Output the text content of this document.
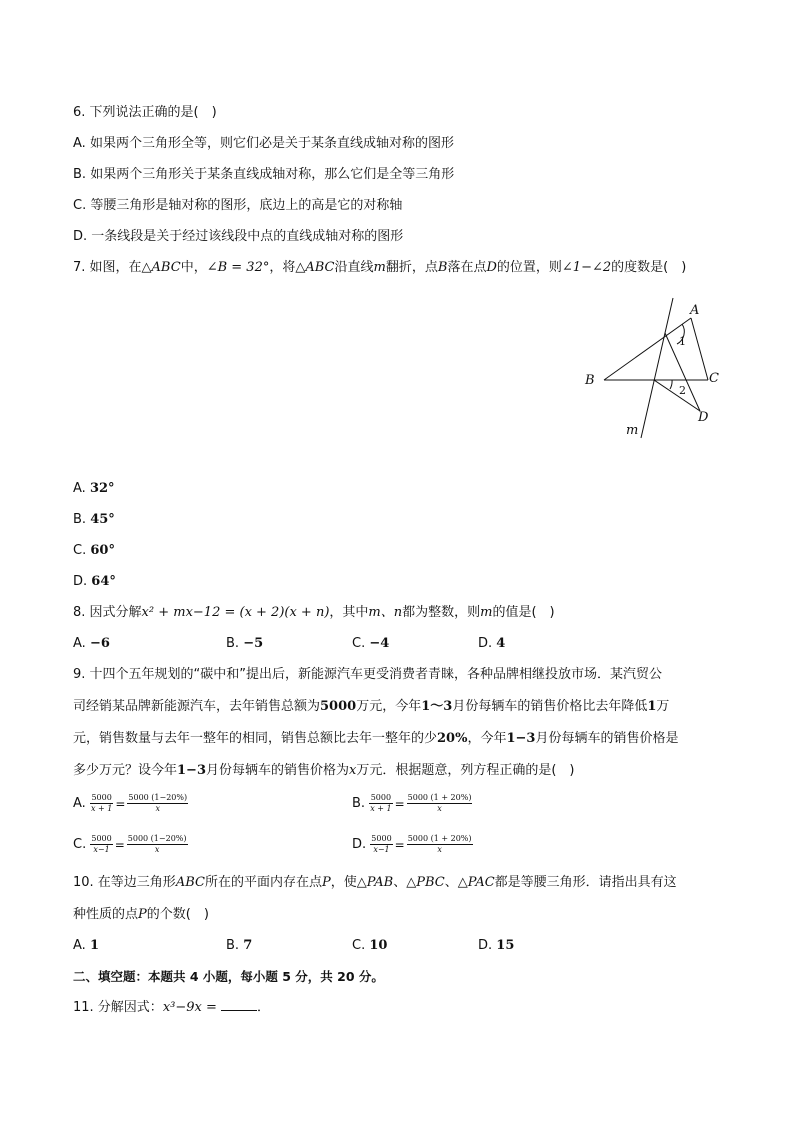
6. 下列说法正确的是(　)
A. 如果两个三角形全等，则它们必是关于某条直线成轴对称的图形
B. 如果两个三角形关于某条直线成轴对称，那么它们是全等三角形
C. 等腰三角形是轴对称的图形，底边上的高是它的对称轴
D. 一条线段是关于经过该线段中点的直线成轴对称的图形
7. 如图，在△ABC中，∠B = 32°，将△ABC沿直线m翻折，点B落在点D的位置，则∠1−∠2的度数是(　)
A
B	C
D
m
1
2
A. 32°
B. 45°
C. 60°
D. 64°
8. 因式分解x² + mx−12 = (x + 2)(x + n)，其中m、n都为整数，则m的值是(　)
A. −6	B. −5	C. −4	D. 4
9. 十四个五年规划的“碳中和”提出后，新能源汽车更受消费者青睐，各种品牌相继投放市场．某汽贸公
司经销某品牌新能源汽车，去年销售总额为5000万元，今年1～3月份每辆车的销售价格比去年降低1万
元，销售数量与去年一整年的相同，销售总额比去年一整年的少20%，今年1−3月份每辆车的销售价格是
多少万元？设今年1−3月份每辆车的销售价格为x万元．根据题意，列方程正确的是(　)
A. $\frac{5000}{x + 1} = \frac{5000 (1-20\%)}{x}$	B. $\frac{5000}{x + 1} = \frac{5000 (1 + 20\%)}{x}$
C. $\frac{5000}{x-1} = \frac{5000 (1-20\%)}{x}$	D. $\frac{5000}{x-1} = \frac{5000 (1 + 20\%)}{x}$
10. 在等边三角形ABC所在的平面内存在点P，使△PAB、△PBC、△PAC都是等腰三角形．请指出具有这
种性质的点P的个数(　)
A. 1	B. 7	C. 10	D. 15
二、填空题：本题共 4 小题，每小题 5 分，共 20 分。
11. 分解因式：x³−9x =	．
